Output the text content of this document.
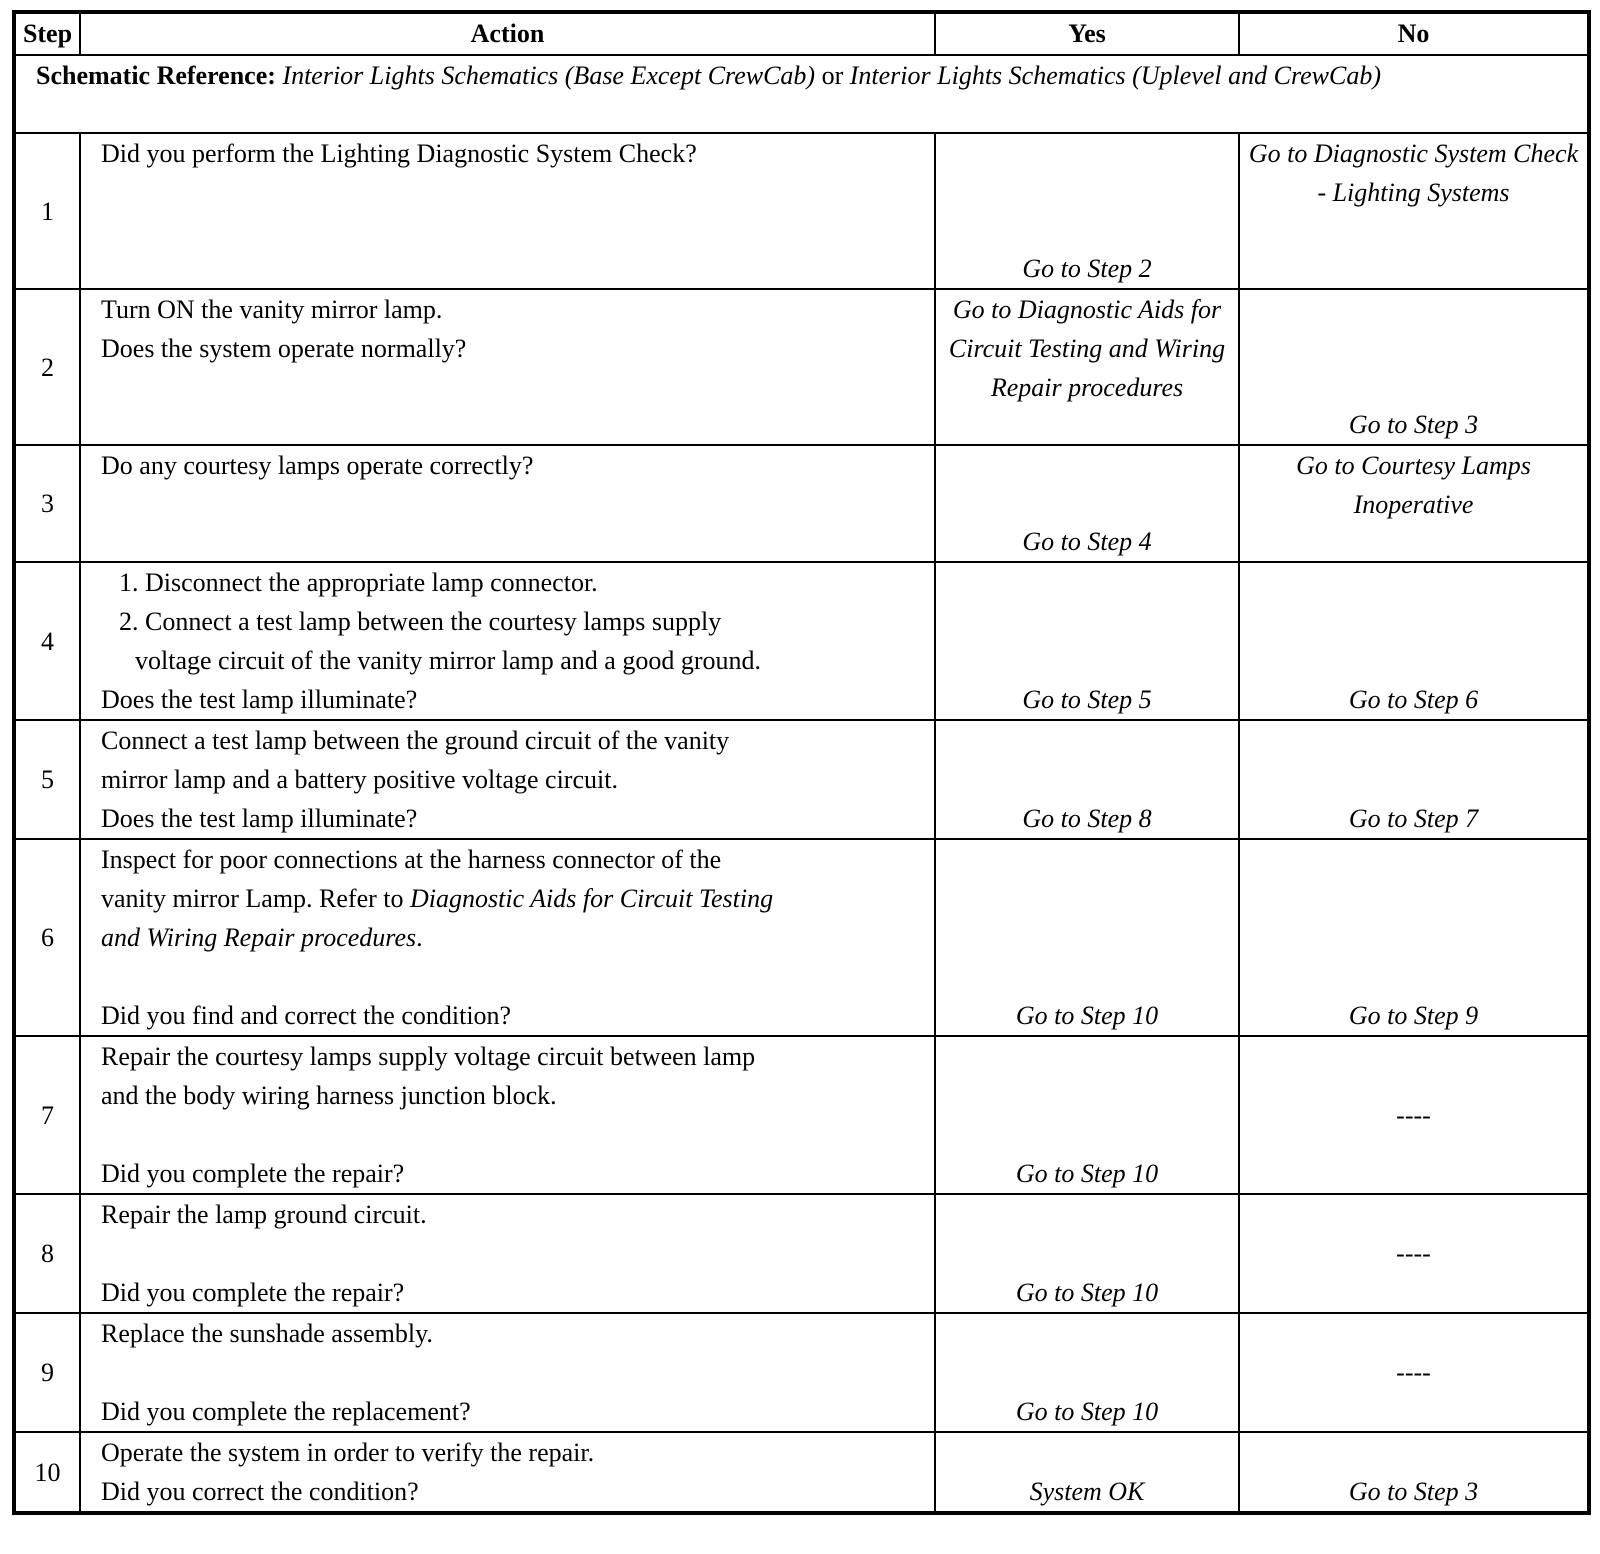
Step	Action	Yes	No
Schematic Reference: Interior Lights Schematics (Base Except CrewCab) or Interior Lights Schematics (Uplevel and CrewCab)			
1	Did you perform the Lighting Diagnostic System Check?	Go to Step 2	Go to Diagnostic System Check - Lighting Systems
2	Turn ON the vanity mirror lamp.
Does the system operate normally?	Go to Diagnostic Aids for Circuit Testing and Wiring Repair procedures	Go to Step 3
3	Do any courtesy lamps operate correctly?	Go to Step 4	Go to Courtesy Lamps Inoperative
4	1. Disconnect the appropriate lamp connector.
2. Connect a test lamp between the courtesy lamps supply
voltage circuit of the vanity mirror lamp and a good ground.
Does the test lamp illuminate?	Go to Step 5	Go to Step 6
5	Connect a test lamp between the ground circuit of the vanity
mirror lamp and a battery positive voltage circuit.
Does the test lamp illuminate?	Go to Step 8	Go to Step 7
6	Inspect for poor connections at the harness connector of the
vanity mirror Lamp. Refer to Diagnostic Aids for Circuit Testing
and Wiring Repair procedures.
Did you find and correct the condition?	Go to Step 10	Go to Step 9
7	Repair the courtesy lamps supply voltage circuit between lamp
and the body wiring harness junction block.
Did you complete the repair?	Go to Step 10	----
8	Repair the lamp ground circuit.
Did you complete the repair?	Go to Step 10	----
9	Replace the sunshade assembly.
Did you complete the replacement?	Go to Step 10	----
10	Operate the system in order to verify the repair.
Did you correct the condition?	System OK	Go to Step 3
